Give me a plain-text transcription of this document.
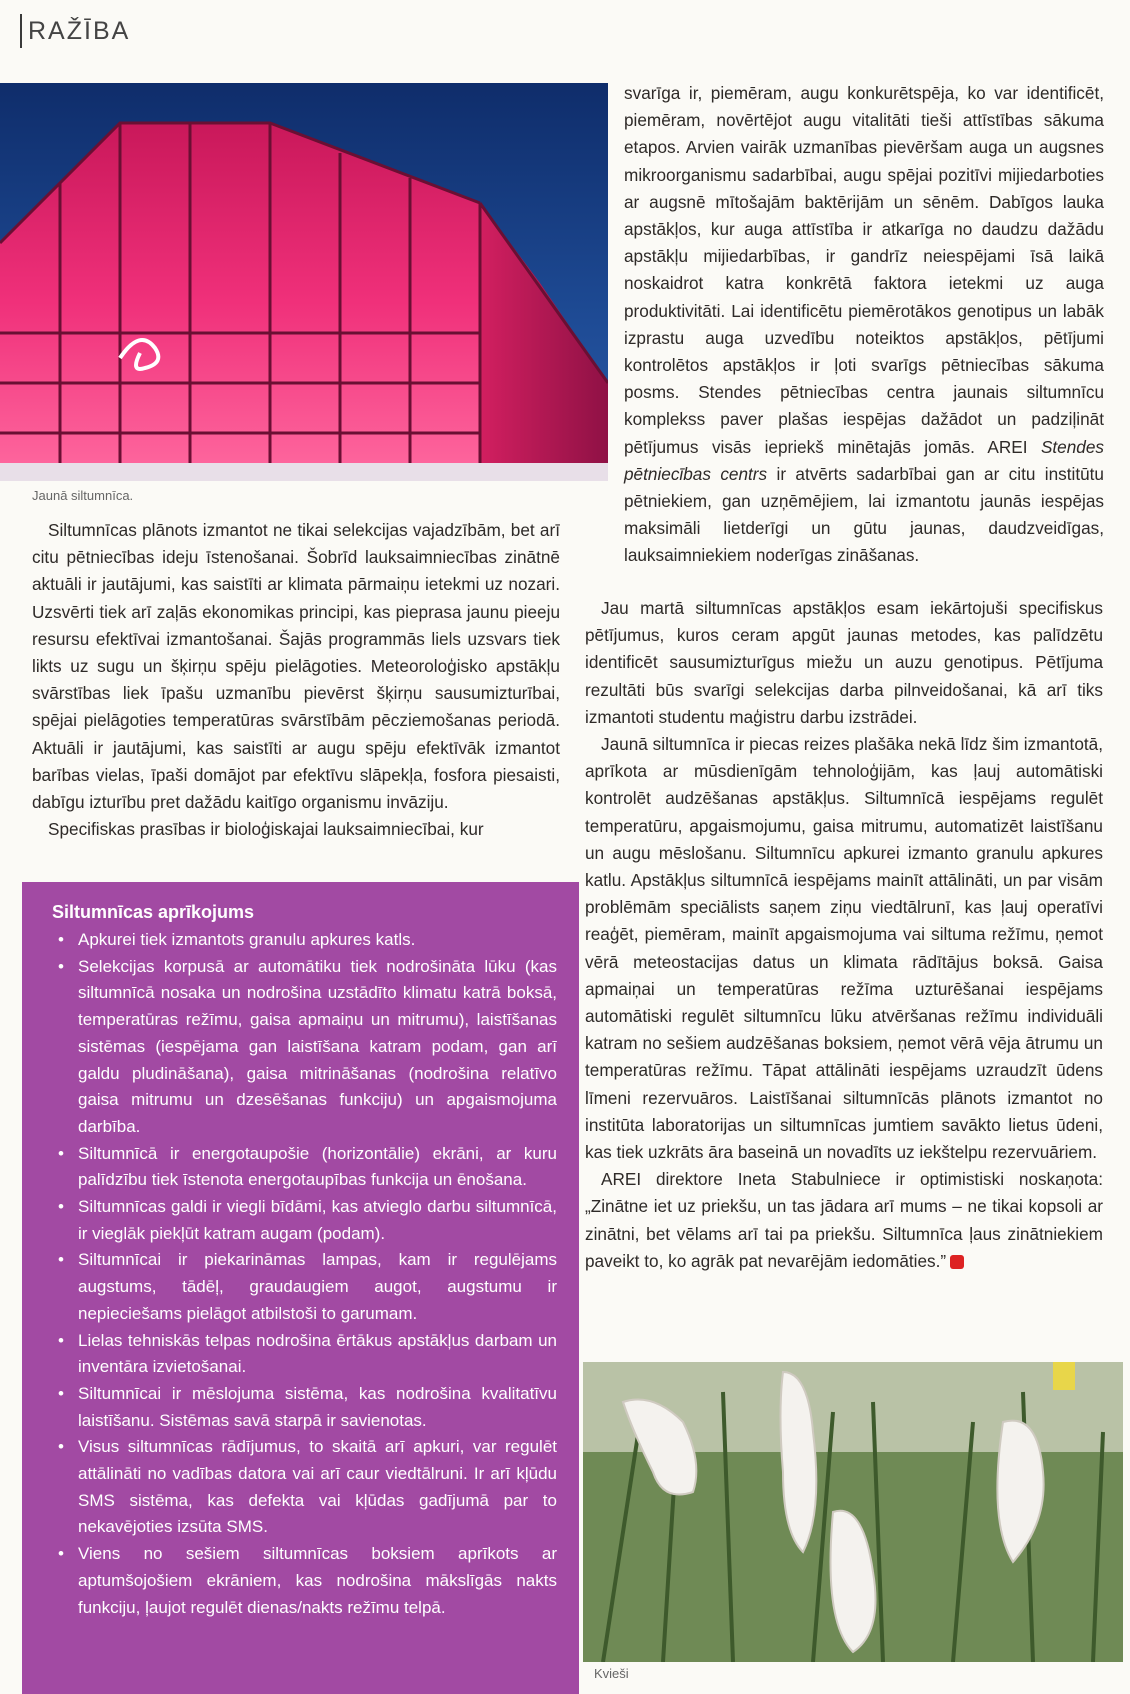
RAŽĪBA
Jaunā siltumnīca.

Siltumnīcas plānots izmantot ne tikai selekcijas vajadzībām, bet arī citu pētniecības ideju īstenošanai. Šobrīd lauksaimniecības zinātnē aktuāli ir jautājumi, kas saistīti ar klimata pārmaiņu ietekmi uz nozari. Uzsvērti tiek arī zaļās ekonomikas principi, kas pieprasa jaunu pieeju resursu efektīvai izmantošanai. Šajās programmās liels uzsvars tiek likts uz sugu un šķirņu spēju pielāgoties. Meteoroloģisko apstākļu svārstības liek īpašu uzmanību pievērst šķirņu sausumizturībai, spējai pielāgoties temperatūras svārstībām pēcziemošanas periodā. Aktuāli ir jautājumi, kas saistīti ar augu spēju efektīvāk izmantot barības vielas, īpaši domājot par efektīvu slāpekļa, fosfora piesaisti, dabīgu izturību pret dažādu kaitīgo organismu invāziju.

Specifiskas prasības ir bioloģiskajai lauksaimniecībai, kur

svarīga ir, piemēram, augu konkurētspēja, ko var identificēt, piemēram, novērtējot augu vitalitāti tieši attīstības sākuma etapos. Arvien vairāk uzmanības pievēršam auga un augsnes mikroorganismu sadarbībai, augu spējai pozitīvi mijiedarboties ar augsnē mītošajām baktērijām un sēnēm. Dabīgos lauka apstākļos, kur auga attīstība ir atkarīga no daudzu dažādu apstākļu mijiedarbības, ir gandrīz neiespējami īsā laikā noskaidrot katra konkrētā faktora ietekmi uz auga produktivitāti. Lai identificētu piemērotākos genotipus un labāk izprastu auga uzvedību noteiktos apstākļos, pētījumi kontrolētos apstākļos ir ļoti svarīgs pētniecības sākuma posms. Stendes pētniecības centra jaunais siltumnīcu komplekss paver plašas iespējas dažādot un padziļināt pētījumus visās iepriekš minētajās jomās. AREI Stendes pētniecības centrs ir atvērts sadarbībai gan ar citu institūtu pētniekiem, gan uzņēmējiem, lai izmantotu jaunās iespējas maksimāli lietderīgi un gūtu jaunas, daudzveidīgas, lauksaimniekiem noderīgas zināšanas.

Jau martā siltumnīcas apstākļos esam iekārtojuši specifiskus pētījumus, kuros ceram apgūt jaunas metodes, kas palīdzētu identificēt sausumizturīgus miežu un auzu genotipus. Pētījuma rezultāti būs svarīgi selekcijas darba pilnveidošanai, kā arī tiks izmantoti studentu maģistru darbu izstrādei.

Jaunā siltumnīca ir piecas reizes plašāka nekā līdz šim izmantotā, aprīkota ar mūsdienīgām tehnoloģijām, kas ļauj automātiski kontrolēt audzēšanas apstākļus. Siltumnīcā iespējams regulēt temperatūru, apgaismojumu, gaisa mitrumu, automatizēt laistīšanu un augu mēslošanu. Siltumnīcu apkurei izmanto granulu apkures katlu. Apstākļus siltumnīcā iespējams mainīt attālināti, un par visām problēmām speciālists saņem ziņu viedtālrunī, kas ļauj operatīvi reaģēt, piemēram, mainīt apgaismojuma vai siltuma režīmu, ņemot vērā meteostacijas datus un klimata rādītājus boksā. Gaisa apmaiņai un temperatūras režīma uzturēšanai iespējams automātiski regulēt siltumnīcu lūku atvēršanas režīmu individuāli katram no sešiem audzēšanas boksiem, ņemot vērā vēja ātrumu un temperatūras režīmu. Tāpat attālināti iespējams uzraudzīt ūdens līmeni rezervuāros. Laistīšanai siltumnīcās plānots izmantot no institūta laboratorijas un siltumnīcas jumtiem savākto lietus ūdeni, kas tiek uzkrāts āra baseinā un novadīts uz iekštelpu rezervuāriem.

AREI direktore Ineta Stabulniece ir optimistiski noskaņota: „Zinātne iet uz priekšu, un tas jādara arī mums – ne tikai kopsoli ar zinātni, bet vēlams arī tai pa priekšu. Siltumnīca ļaus zinātniekiem paveikt to, ko agrāk pat nevarējām iedomāties.”

Siltumnīcas aprīkojums
• Apkurei tiek izmantots granulu apkures katls.
• Selekcijas korpusā ar automātiku tiek nodrošināta lūku (kas siltumnīcā nosaka un nodrošina uzstādīto klimatu katrā boksā, temperatūras režīmu, gaisa apmaiņu un mitrumu), laistīšanas sistēmas (iespējama gan laistīšana katram podam, gan arī galdu pludināšana), gaisa mitrināšanas (nodrošina relatīvo gaisa mitrumu un dzesēšanas funkciju) un apgaismojuma darbība.
• Siltumnīcā ir energotaupošie (horizontālie) ekrāni, ar kuru palīdzību tiek īstenota energotaupības funkcija un ēnošana.
• Siltumnīcas galdi ir viegli bīdāmi, kas atvieglo darbu siltumnīcā, ir vieglāk piekļūt katram augam (podam).
• Siltumnīcai ir piekarināmas lampas, kam ir regulējams augstums, tādēļ, graudaugiem augot, augstumu ir nepieciešams pielāgot atbilstoši to garumam.
• Lielas tehniskās telpas nodrošina ērtākus apstākļus darbam un inventāra izvietošanai.
• Siltumnīcai ir mēslojuma sistēma, kas nodrošina kvalitatīvu laistīšanu. Sistēmas savā starpā ir savienotas.
• Visus siltumnīcas rādījumus, to skaitā arī apkuri, var regulēt attālināti no vadības datora vai arī caur viedtālruni. Ir arī kļūdu SMS sistēma, kas defekta vai kļūdas gadījumā par to nekavējoties izsūta SMS.
• Viens no sešiem siltumnīcas boksiem aprīkots ar aptumšojošiem ekrāniem, kas nodrošina mākslīgās nakts funkciju, ļaujot regulēt dienas/nakts režīmu telpā.
Kvieši
